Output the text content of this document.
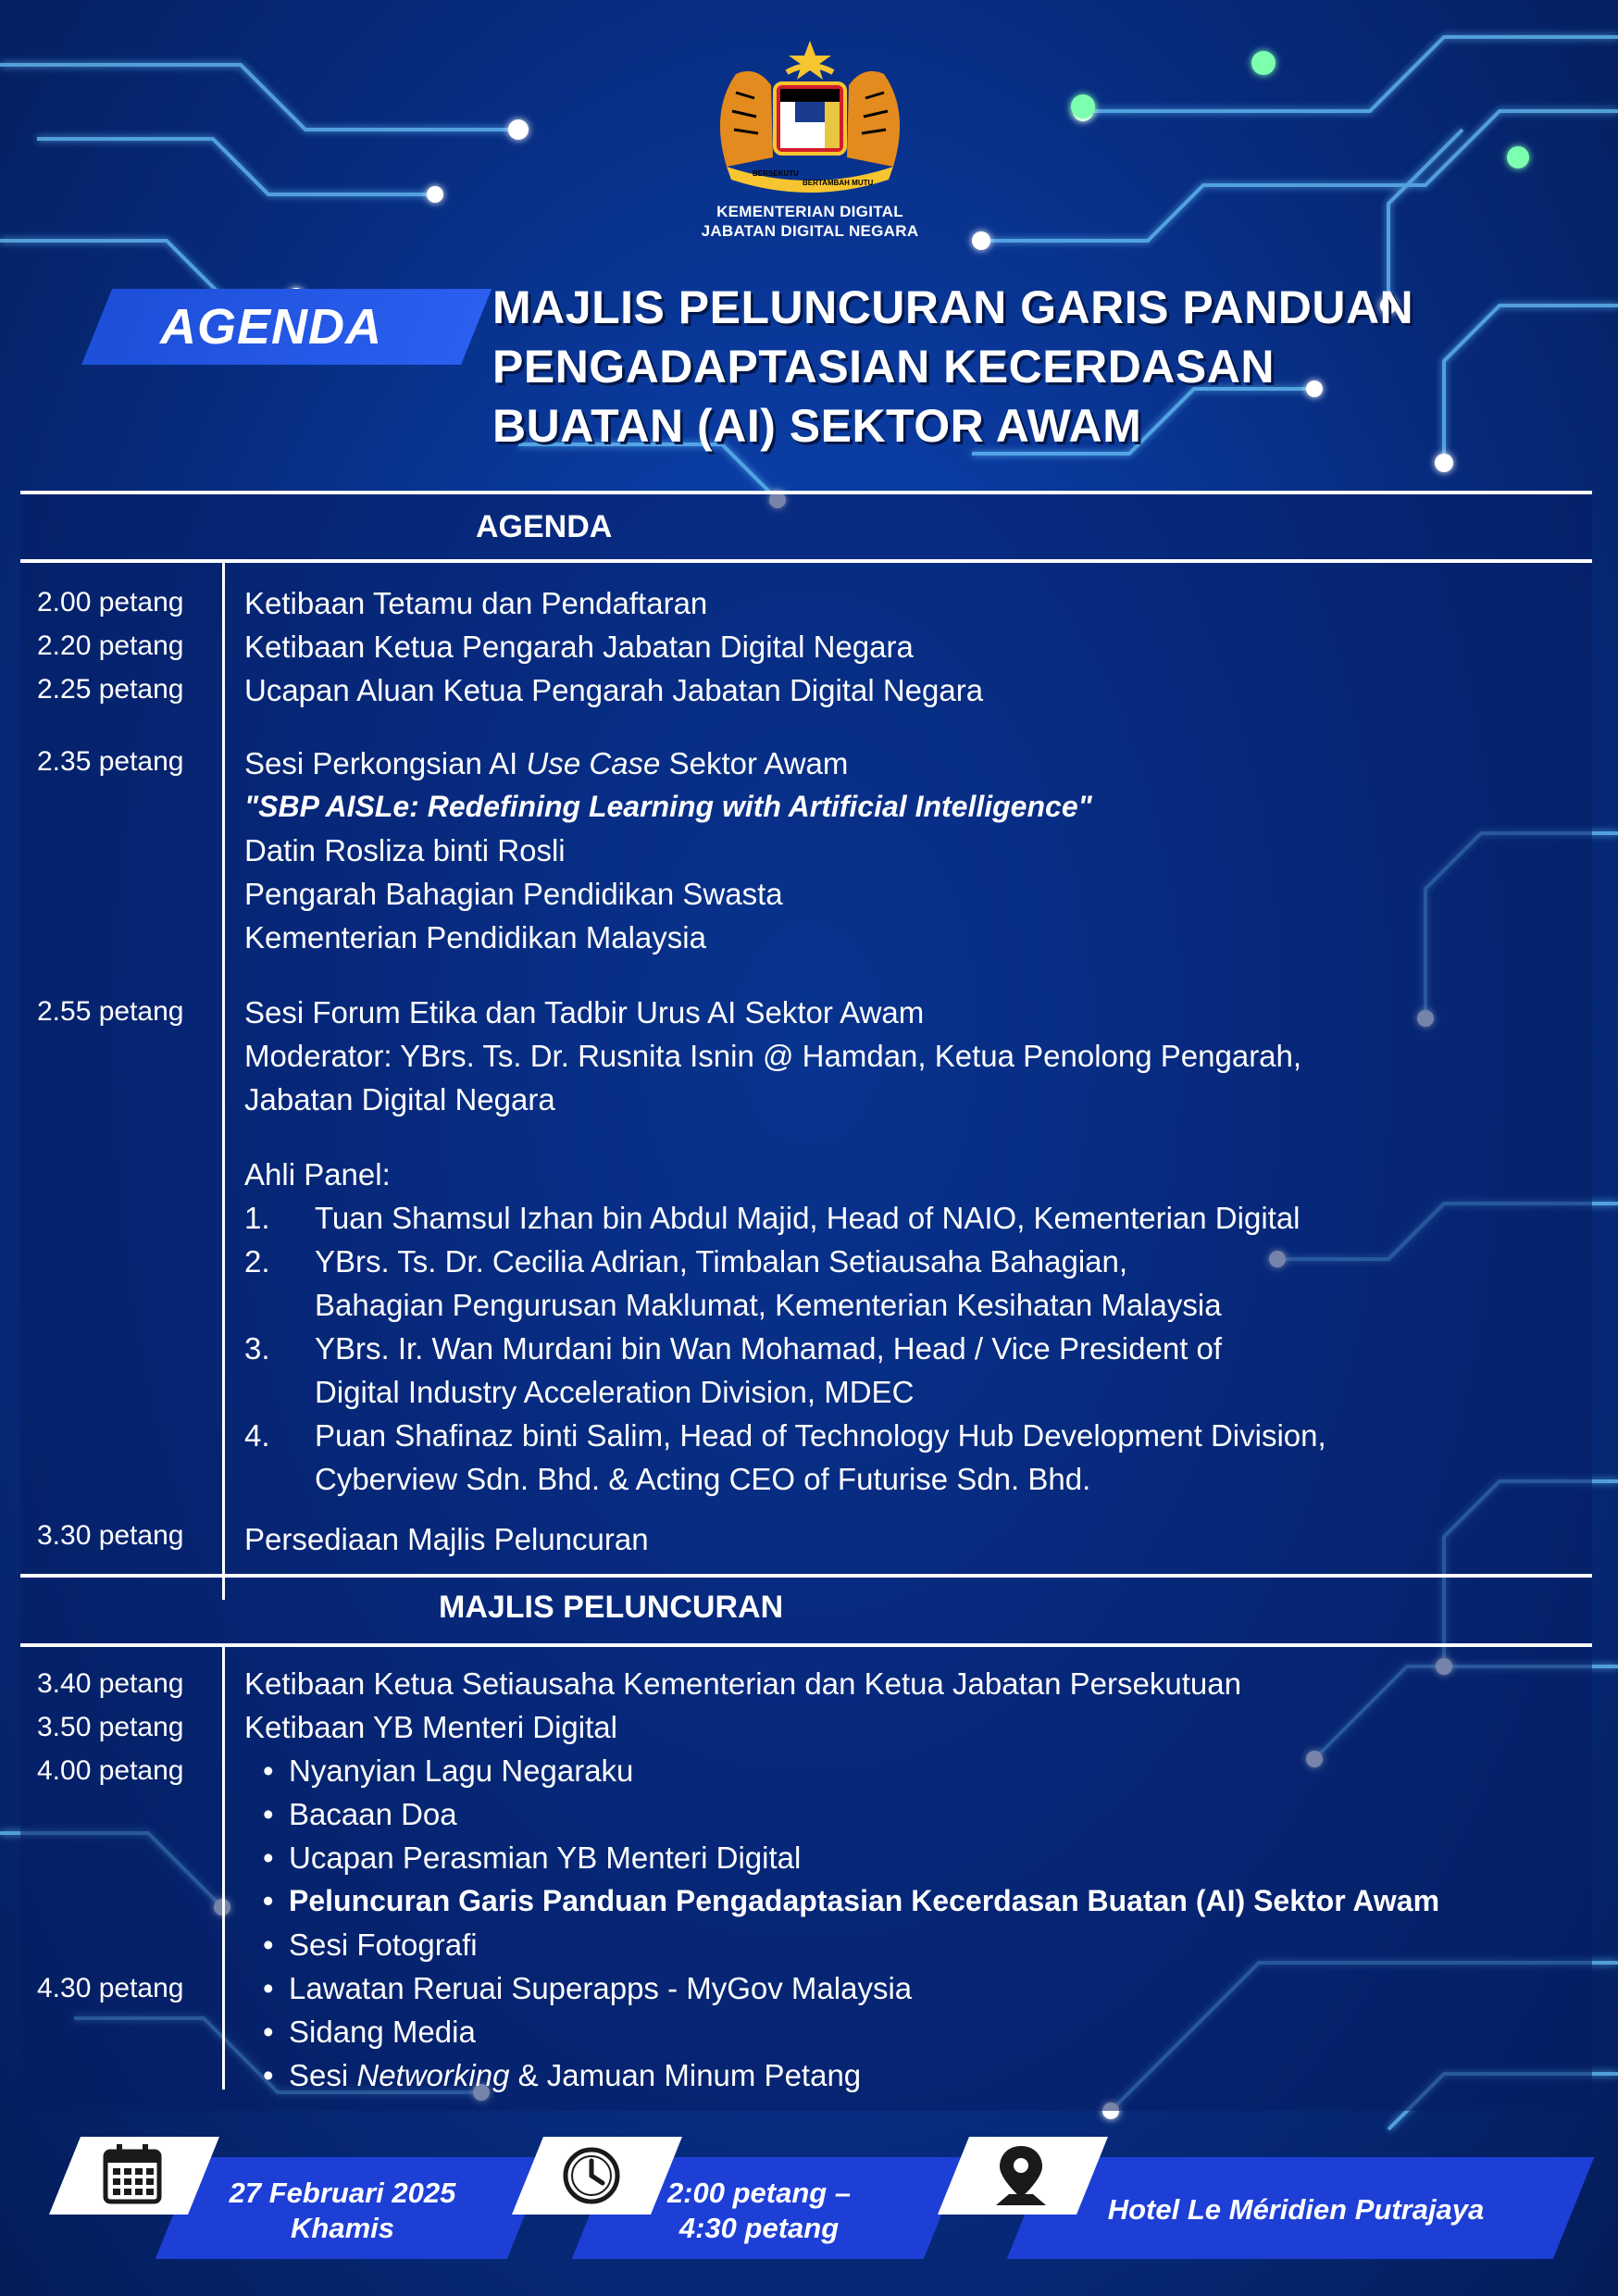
BERSEKUTU
BERTAMBAH MUTU
KEMENTERIAN DIGITAL
JABATAN DIGITAL NEGARA
AGENDA	MAJLIS PELUNCURAN GARIS PANDUAN
PENGADAPTASIAN KECERDASAN
BUATAN (AI) SEKTOR AWAM
AGENDA
2.00 petang Ketibaan Tetamu dan Pendaftaran
2.20 petang Ketibaan Ketua Pengarah Jabatan Digital Negara
2.25 petang Ucapan Aluan Ketua Pengarah Jabatan Digital Negara
2.35 petang Sesi Perkongsian AI Use Case Sektor Awam
"SBP AISLe: Redefining Learning with Artificial Intelligence"
Datin Rosliza binti Rosli
Pengarah Bahagian Pendidikan Swasta
Kementerian Pendidikan Malaysia
2.55 petang Sesi Forum Etika dan Tadbir Urus AI Sektor Awam
Moderator: YBrs. Ts. Dr. Rusnita Isnin @ Hamdan, Ketua Penolong Pengarah,
Jabatan Digital Negara
Ahli Panel:
1. Tuan Shamsul Izhan bin Abdul Majid, Head of NAIO, Kementerian Digital
2. YBrs. Ts. Dr. Cecilia Adrian, Timbalan Setiausaha Bahagian,
Bahagian Pengurusan Maklumat, Kementerian Kesihatan Malaysia
3. YBrs. Ir. Wan Murdani bin Wan Mohamad, Head / Vice President of
Digital Industry Acceleration Division, MDEC
4. Puan Shafinaz binti Salim, Head of Technology Hub Development Division,
Cyberview Sdn. Bhd. & Acting CEO of Futurise Sdn. Bhd.
3.30 petang Persediaan Majlis Peluncuran
MAJLIS PELUNCURAN
3.40 petang Ketibaan Ketua Setiausaha Kementerian dan Ketua Jabatan Persekutuan
3.50 petang Ketibaan YB Menteri Digital
4.00 petang	• Nyanyian Lagu Negaraku
• Bacaan Doa
• Ucapan Perasmian YB Menteri Digital
• Peluncuran Garis Panduan Pengadaptasian Kecerdasan Buatan (AI) Sektor Awam
• Sesi Fotografi
4.30 petang	• Lawatan Reruai Superapps - MyGov Malaysia
• Sidang Media
• Sesi Networking & Jamuan Minum Petang
27 Februari 2025
Khamis
2:00 petang –
4:30 petang
Hotel Le Méridien Putrajaya
